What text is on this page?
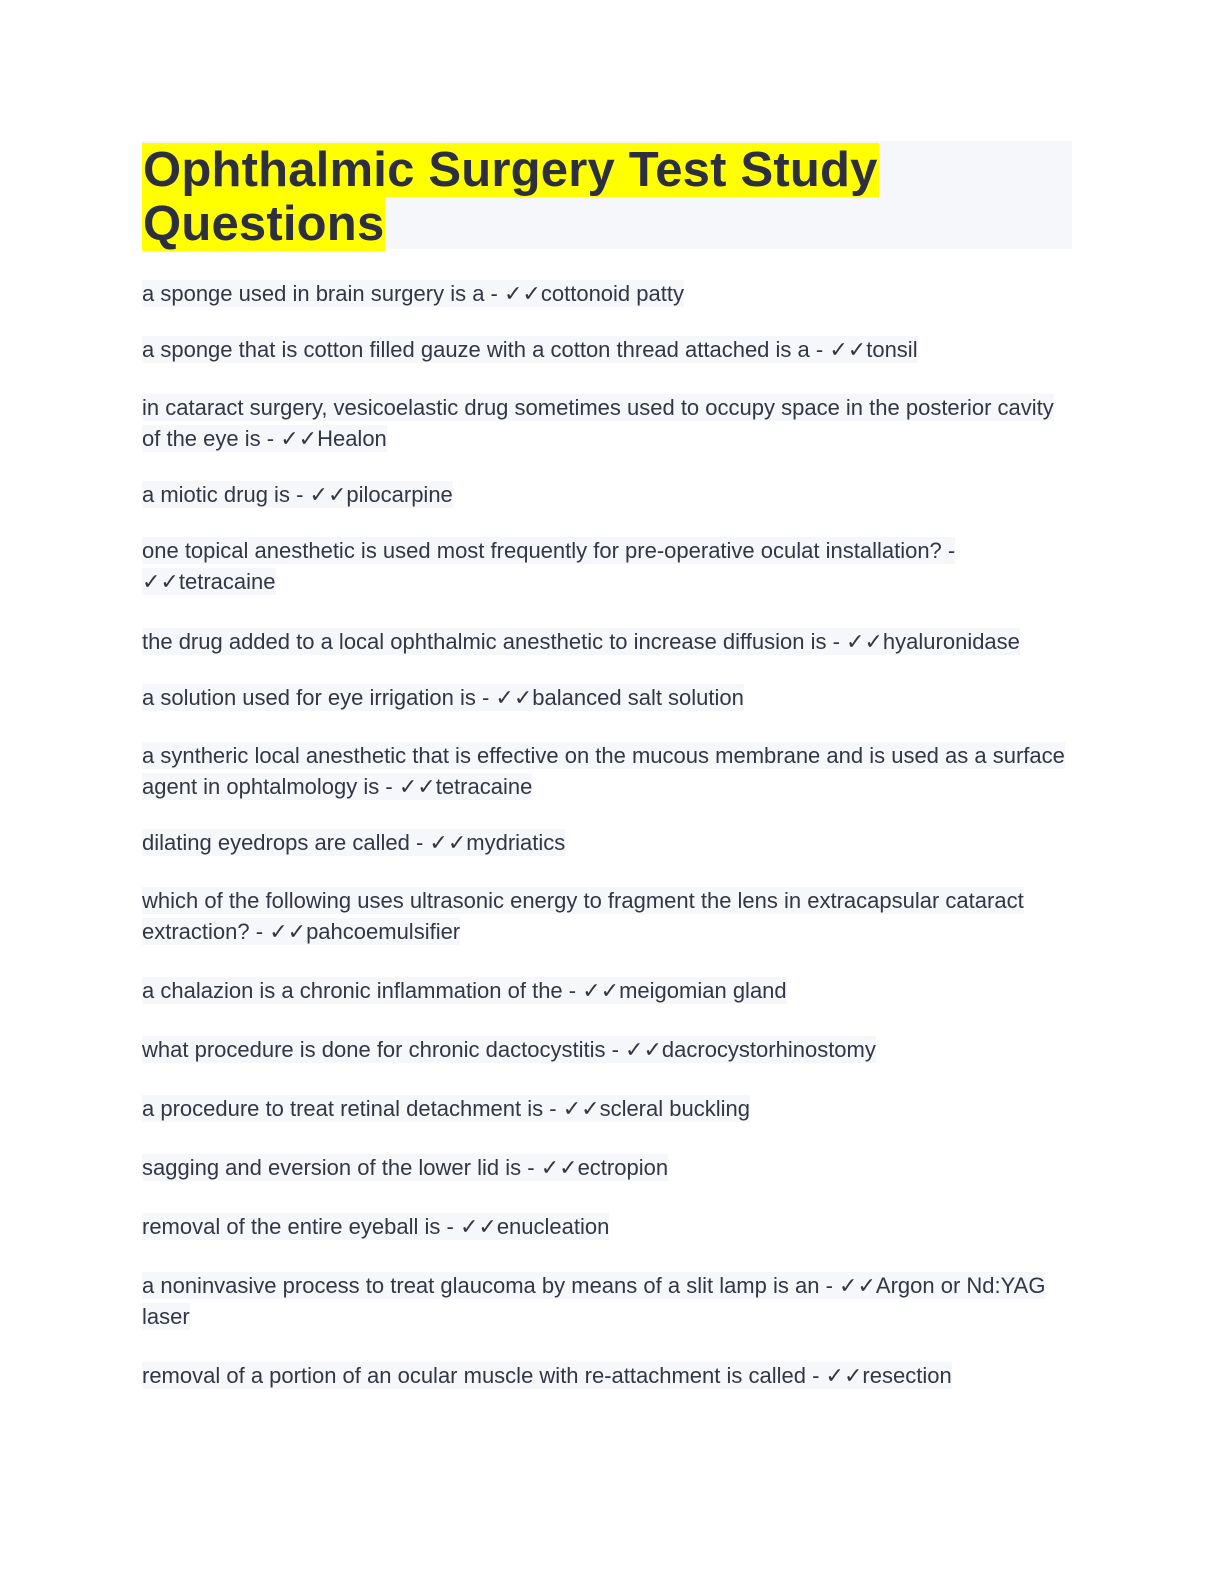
Ophthalmic Surgery Test Study Questions

a sponge used in brain surgery is a - ✓✓cottonoid patty

a sponge that is cotton filled gauze with a cotton thread attached is a - ✓✓tonsil

in cataract surgery, vesicoelastic drug sometimes used to occupy space in the posterior cavity of the eye is - ✓✓Healon

a miotic drug is - ✓✓pilocarpine

one topical anesthetic is used most frequently for pre-operative oculat installation? - ✓✓tetracaine

the drug added to a local ophthalmic anesthetic to increase diffusion is - ✓✓hyaluronidase

a solution used for eye irrigation is - ✓✓balanced salt solution

a syntheric local anesthetic that is effective on the mucous membrane and is used as a surface agent in ophtalmology is - ✓✓tetracaine

dilating eyedrops are called - ✓✓mydriatics

which of the following uses ultrasonic energy to fragment the lens in extracapsular cataract extraction? - ✓✓pahcoemulsifier

a chalazion is a chronic inflammation of the - ✓✓meigomian gland

what procedure is done for chronic dactocystitis - ✓✓dacrocystorhinostomy

a procedure to treat retinal detachment is - ✓✓scleral buckling

sagging and eversion of the lower lid is - ✓✓ectropion

removal of the entire eyeball is - ✓✓enucleation

a noninvasive process to treat glaucoma by means of a slit lamp is an - ✓✓Argon or Nd:YAG laser

removal of a portion of an ocular muscle with re-attachment is called - ✓✓resection
